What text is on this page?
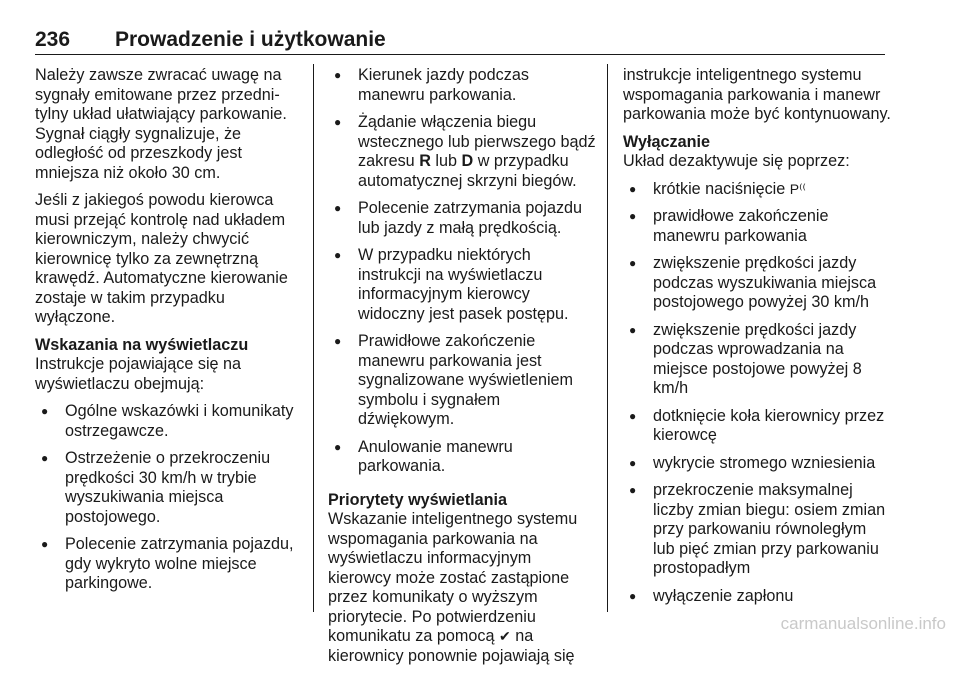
236 Prowadzenie i użytkowanie

Należy zawsze zwracać uwagę na sygnały emitowane przez przedni-tylny układ ułatwiający parkowanie. Sygnał ciągły sygnalizuje, że odległość od przeszkody jest mniejsza niż około 30 cm.

Jeśli z jakiegoś powodu kierowca musi przejąć kontrolę nad układem kierowniczym, należy chwycić kierownicę tylko za zewnętrzną krawędź. Automatyczne kierowanie zostaje w takim przypadku wyłączone.

Wskazania na wyświetlaczu

Instrukcje pojawiające się na wyświetlaczu obejmują:

● Ogólne wskazówki i komunikaty ostrzegawcze.
● Ostrzeżenie o przekroczeniu prędkości 30 km/h w trybie wyszukiwania miejsca postojowego.
● Polecenie zatrzymania pojazdu, gdy wykryto wolne miejsce parkingowe.
● Kierunek jazdy podczas manewru parkowania.
● Żądanie włączenia biegu wstecznego lub pierwszego bądź zakresu R lub D w przypadku automatycznej skrzyni biegów.
● Polecenie zatrzymania pojazdu lub jazdy z małą prędkością.
● W przypadku niektórych instrukcji na wyświetlaczu informacyjnym kierowcy widoczny jest pasek postępu.
● Prawidłowe zakończenie manewru parkowania jest sygnalizowane wyświetleniem symbolu i sygnałem dźwiękowym.
● Anulowanie manewru parkowania.

Priorytety wyświetlania

Wskazanie inteligentnego systemu wspomagania parkowania na wyświetlaczu informacyjnym kierowcy może zostać zastąpione przez komunikaty o wyższym priorytecie. Po potwierdzeniu komunikatu za pomocą ✔ na kierownicy ponownie pojawiają się

instrukcje inteligentnego systemu wspomagania parkowania i manewr parkowania może być kontynuowany.

Wyłączanie

Układ dezaktywuje się poprzez:

● krótkie naciśnięcie P⁽⁽
● prawidłowe zakończenie manewru parkowania
● zwiększenie prędkości jazdy podczas wyszukiwania miejsca postojowego powyżej 30 km/h
● zwiększenie prędkości jazdy podczas wprowadzania na miejsce postojowe powyżej 8 km/h
● dotknięcie koła kierownicy przez kierowcę
● wykrycie stromego wzniesienia
● przekroczenie maksymalnej liczby zmian biegu: osiem zmian przy parkowaniu równoległym lub pięć zmian przy parkowaniu prostopadłym
● wyłączenie zapłonu
carmanualsonline.info
